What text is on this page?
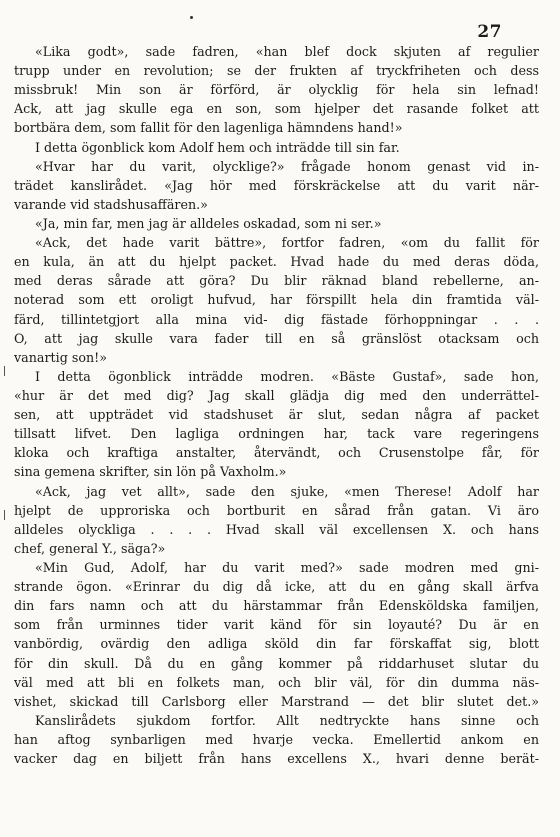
27
«Lika godt», sade fadren, «han blef dock skjuten af regulier
trupp under en revolution; se der frukten af tryckfriheten och dess
missbruk! Min son är förförd, är olycklig för hela sin lefnad!
Ack, att jag skulle ega en son, som hjelper det rasande folket att
bortbära dem, som fallit för den lagenliga hämndens hand!»
I detta ögonblick kom Adolf hem och inträdde till sin far.
«Hvar har du varit, olycklige?» frågade honom genast vid in-
trädet kanslirådet. «Jag hör med förskräckelse att du varit när-
varande vid stadshusaffären.»
«Ja, min far, men jag är alldeles oskadad, som ni ser.»
«Ack, det hade varit bättre», fortfor fadren, «om du fallit för
en kula, än att du hjelpt packet. Hvad hade du med deras döda,
med deras sårade att göra? Du blir räknad bland rebellerne, an-
noterad som ett oroligt hufvud, har förspillt hela din framtida väl-
färd, tillintetgjort alla mina vid- dig fästade förhoppningar . . .
O, att jag skulle vara fader till en så gränslöst otacksam och
vanartig son!»
I detta ögonblick inträdde modren. «Bäste Gustaf», sade hon,
«hur är det med dig? Jag skall glädja dig med den underrättel-
sen, att uppträdet vid stadshuset är slut, sedan några af packet
tillsatt lifvet. Den lagliga ordningen har, tack vare regeringens
kloka och kraftiga anstalter, återvändt, och Crusenstolpe får, för
sina gemena skrifter, sin lön på Vaxholm.»
«Ack, jag vet allt», sade den sjuke, «men Therese! Adolf har
hjelpt de upproriska och bortburit en sårad från gatan. Vi äro
alldeles olyckliga . . . . Hvad skall väl excellensen X. och hans
chef, general Y., säga?»
«Min Gud, Adolf, har du varit med?» sade modren med gni-
strande ögon. «Erinrar du dig då icke, att du en gång skall ärfva
din fars namn och att du härstammar från Edensköldska familjen,
som från urminnes tider varit känd för sin loyauté? Du är en
vanbördig, ovärdig den adliga sköld din far förskaffat sig, blott
för din skull. Då du en gång kommer på riddarhuset slutar du
väl med att bli en folkets man, och blir väl, för din dumma näs-
vishet, skickad till Carlsborg eller Marstrand — det blir slutet det.»
Kanslirådets sjukdom fortfor. Allt nedtryckte hans sinne och
han aftog synbarligen med hvarje vecka. Emellertid ankom en
vacker dag en biljett från hans excellens X., hvari denne berät-
